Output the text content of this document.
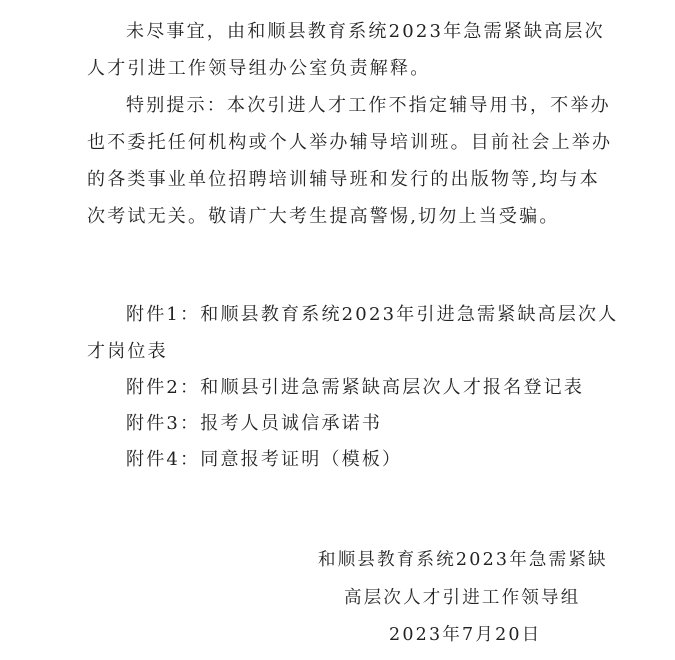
未尽事宜，由和顺县教育系统2023年急需紧缺高层次
人才引进工作领导组办公室负责解释。
特别提示：本次引进人才工作不指定辅导用书，不举办
也不委托任何机构或个人举办辅导培训班。目前社会上举办
的各类事业单位招聘培训辅导班和发行的出版物等,均与本
次考试无关。敬请广大考生提高警惕,切勿上当受骗。
附件1：和顺县教育系统2023年引进急需紧缺高层次人
才岗位表
附件2：和顺县引进急需紧缺高层次人才报名登记表
附件3：报考人员诚信承诺书
附件4：同意报考证明（模板）
和顺县教育系统2023年急需紧缺
高层次人才引进工作领导组
2023年7月20日
